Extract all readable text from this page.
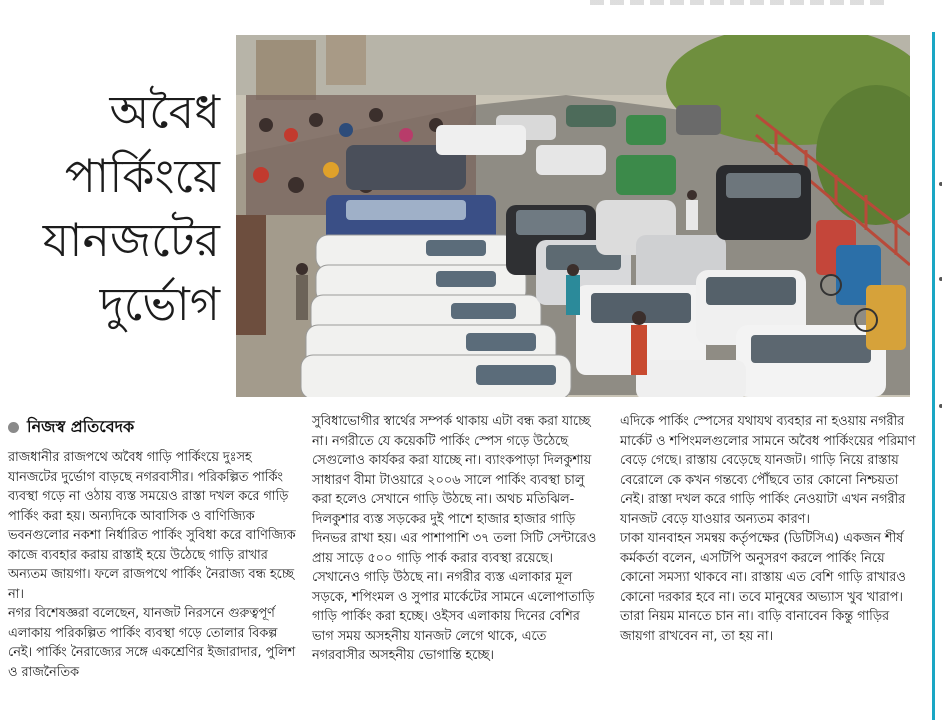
অবৈধ
পার্কিংয়ে
যানজটের
দুর্ভোগ
নিজস্ব প্রতিবেদক

রাজধানীর রাজপথে অবৈধ গাড়ি পার্কিংয়ে দুঃসহ যানজটের দুর্ভোগ বাড়ছে নগরবাসীর। পরিকল্পিত পার্কিং ব্যবস্থা গড়ে না ওঠায় ব্যস্ত সময়েও রাস্তা দখল করে গাড়ি পার্কিং করা হয়। অন্যদিকে আবাসিক ও বাণিজ্যিক ভবনগুলোর নকশা নির্ধারিত পার্কিং সুবিধা করে বাণিজ্যিক কাজে ব্যবহার করায় রাস্তাই হয়ে উঠেছে গাড়ি রাখার অন্যতম জায়গা। ফলে রাজপথে পার্কিং নৈরাজ্য বন্ধ হচ্ছে না।

নগর বিশেষজ্ঞরা বলেছেন, যানজট নিরসনে গুরুত্বপূর্ণ এলাকায় পরিকল্পিত পার্কিং ব্যবস্থা গড়ে তোলার বিকল্প নেই। পার্কিং নৈরাজ্যের সঙ্গে একশ্রেণির ইজারাদার, পুলিশ ও রাজনৈতিক

সুবিধাভোগীর স্বার্থের সম্পর্ক থাকায় এটা বন্ধ করা যাচ্ছে না। নগরীতে যে কয়েকটি পার্কিং স্পেস গড়ে উঠেছে সেগুলোও কার্যকর করা যাচ্ছে না। ব্যাংকপাড়া দিলকুশায় সাধারণ বীমা টাওয়ারে ২০০৬ সালে পার্কিং ব্যবস্থা চালু করা হলেও সেখানে গাড়ি উঠছে না। অথচ মতিঝিল-দিলকুশার ব্যস্ত সড়কের দুই পাশে হাজার হাজার গাড়ি দিনভর রাখা হয়। এর পাশাপাশি ৩৭ তলা সিটি সেন্টারেও প্রায় সাড়ে ৫০০ গাড়ি পার্ক করার ব্যবস্থা রয়েছে। সেখানেও গাড়ি উঠছে না। নগরীর ব্যস্ত এলাকার মূল সড়কে, শপিংমল ও সুপার মার্কেটের সামনে এলোপাতাড়ি গাড়ি পার্কিং করা হচ্ছে। ওইসব এলাকায় দিনের বেশির ভাগ সময় অসহনীয় যানজট লেগে থাকে, এতে নগরবাসীর অসহনীয় ভোগান্তি হচ্ছে।

এদিকে পার্কিং স্পেসের যথাযথ ব্যবহার না হওয়ায় নগরীর মার্কেট ও শপিংমলগুলোর সামনে অবৈধ পার্কিংয়ের পরিমাণ বেড়ে গেছে। রাস্তায় বেড়েছে যানজট। গাড়ি নিয়ে রাস্তায় বেরোলে কে কখন গন্তব্যে পৌঁছবে তার কোনো নিশ্চয়তা নেই। রাস্তা দখল করে গাড়ি পার্কিং নেওয়াটা এখন নগরীর যানজট বেড়ে যাওয়ার অন্যতম কারণ।

ঢাকা যানবাহন সমন্বয় কর্তৃপক্ষের (ডিটিসিএ) একজন শীর্ষ কর্মকর্তা বলেন, এসটিপি অনুসরণ করলে পার্কিং নিয়ে কোনো সমস্যা থাকবে না। রাস্তায় এত বেশি গাড়ি রাখারও কোনো দরকার হবে না। তবে মানুষের অভ্যাস খুব খারাপ। তারা নিয়ম মানতে চান না। বাড়ি বানাবেন কিন্তু গাড়ির জায়গা রাখবেন না, তা হয় না।
